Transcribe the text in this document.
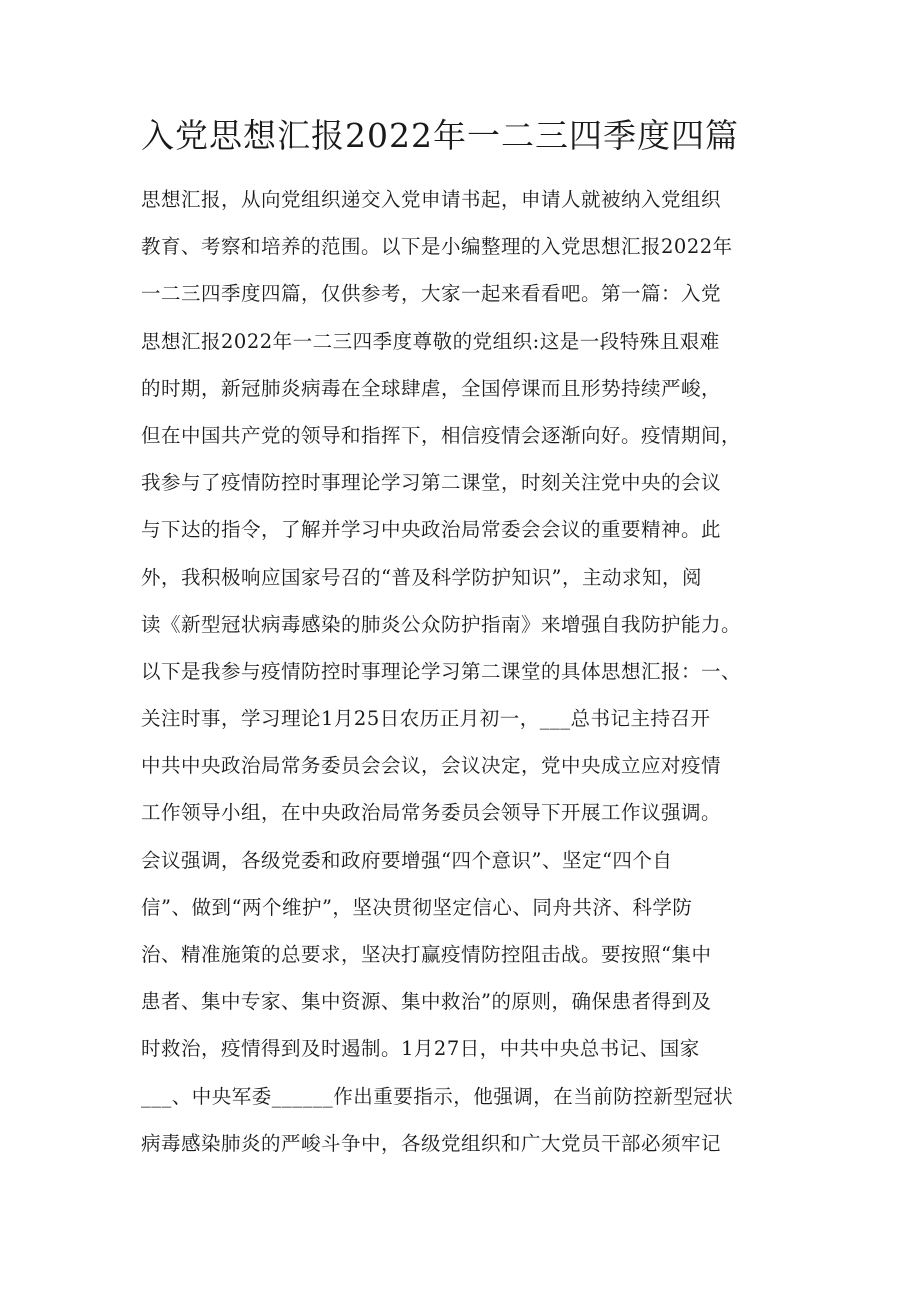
入党思想汇报2022年一二三四季度四篇
思想汇报，从向党组织递交入党申请书起，申请人就被纳入党组织
教育、考察和培养的范围。以下是小编整理的入党思想汇报2022年
一二三四季度四篇，仅供参考，大家一起来看看吧。第一篇：入党
思想汇报2022年一二三四季度尊敬的党组织:这是一段特殊且艰难
的时期，新冠肺炎病毒在全球肆虐，全国停课而且形势持续严峻，
但在中国共产党的领导和指挥下，相信疫情会逐渐向好。疫情期间，
我参与了疫情防控时事理论学习第二课堂，时刻关注党中央的会议
与下达的指令，了解并学习中央政治局常委会会议的重要精神。此
外，我积极响应国家号召的“普及科学防护知识”，主动求知，阅
读《新型冠状病毒感染的肺炎公众防护指南》来增强自我防护能力。
以下是我参与疫情防控时事理论学习第二课堂的具体思想汇报：一、
关注时事，学习理论1月25日农历正月初一，___总书记主持召开
中共中央政治局常务委员会会议，会议决定，党中央成立应对疫情
工作领导小组，在中央政治局常务委员会领导下开展工作议强调。
会议强调，各级党委和政府要增强“四个意识”、坚定“四个自
信”、做到“两个维护”，坚决贯彻坚定信心、同舟共济、科学防
治、精准施策的总要求，坚决打赢疫情防控阻击战。要按照“集中
患者、集中专家、集中资源、集中救治”的原则，确保患者得到及
时救治，疫情得到及时遏制。1月27日，中共中央总书记、国家
___、中央军委______作出重要指示，他强调，在当前防控新型冠状
病毒感染肺炎的严峻斗争中，各级党组织和广大党员干部必须牢记
